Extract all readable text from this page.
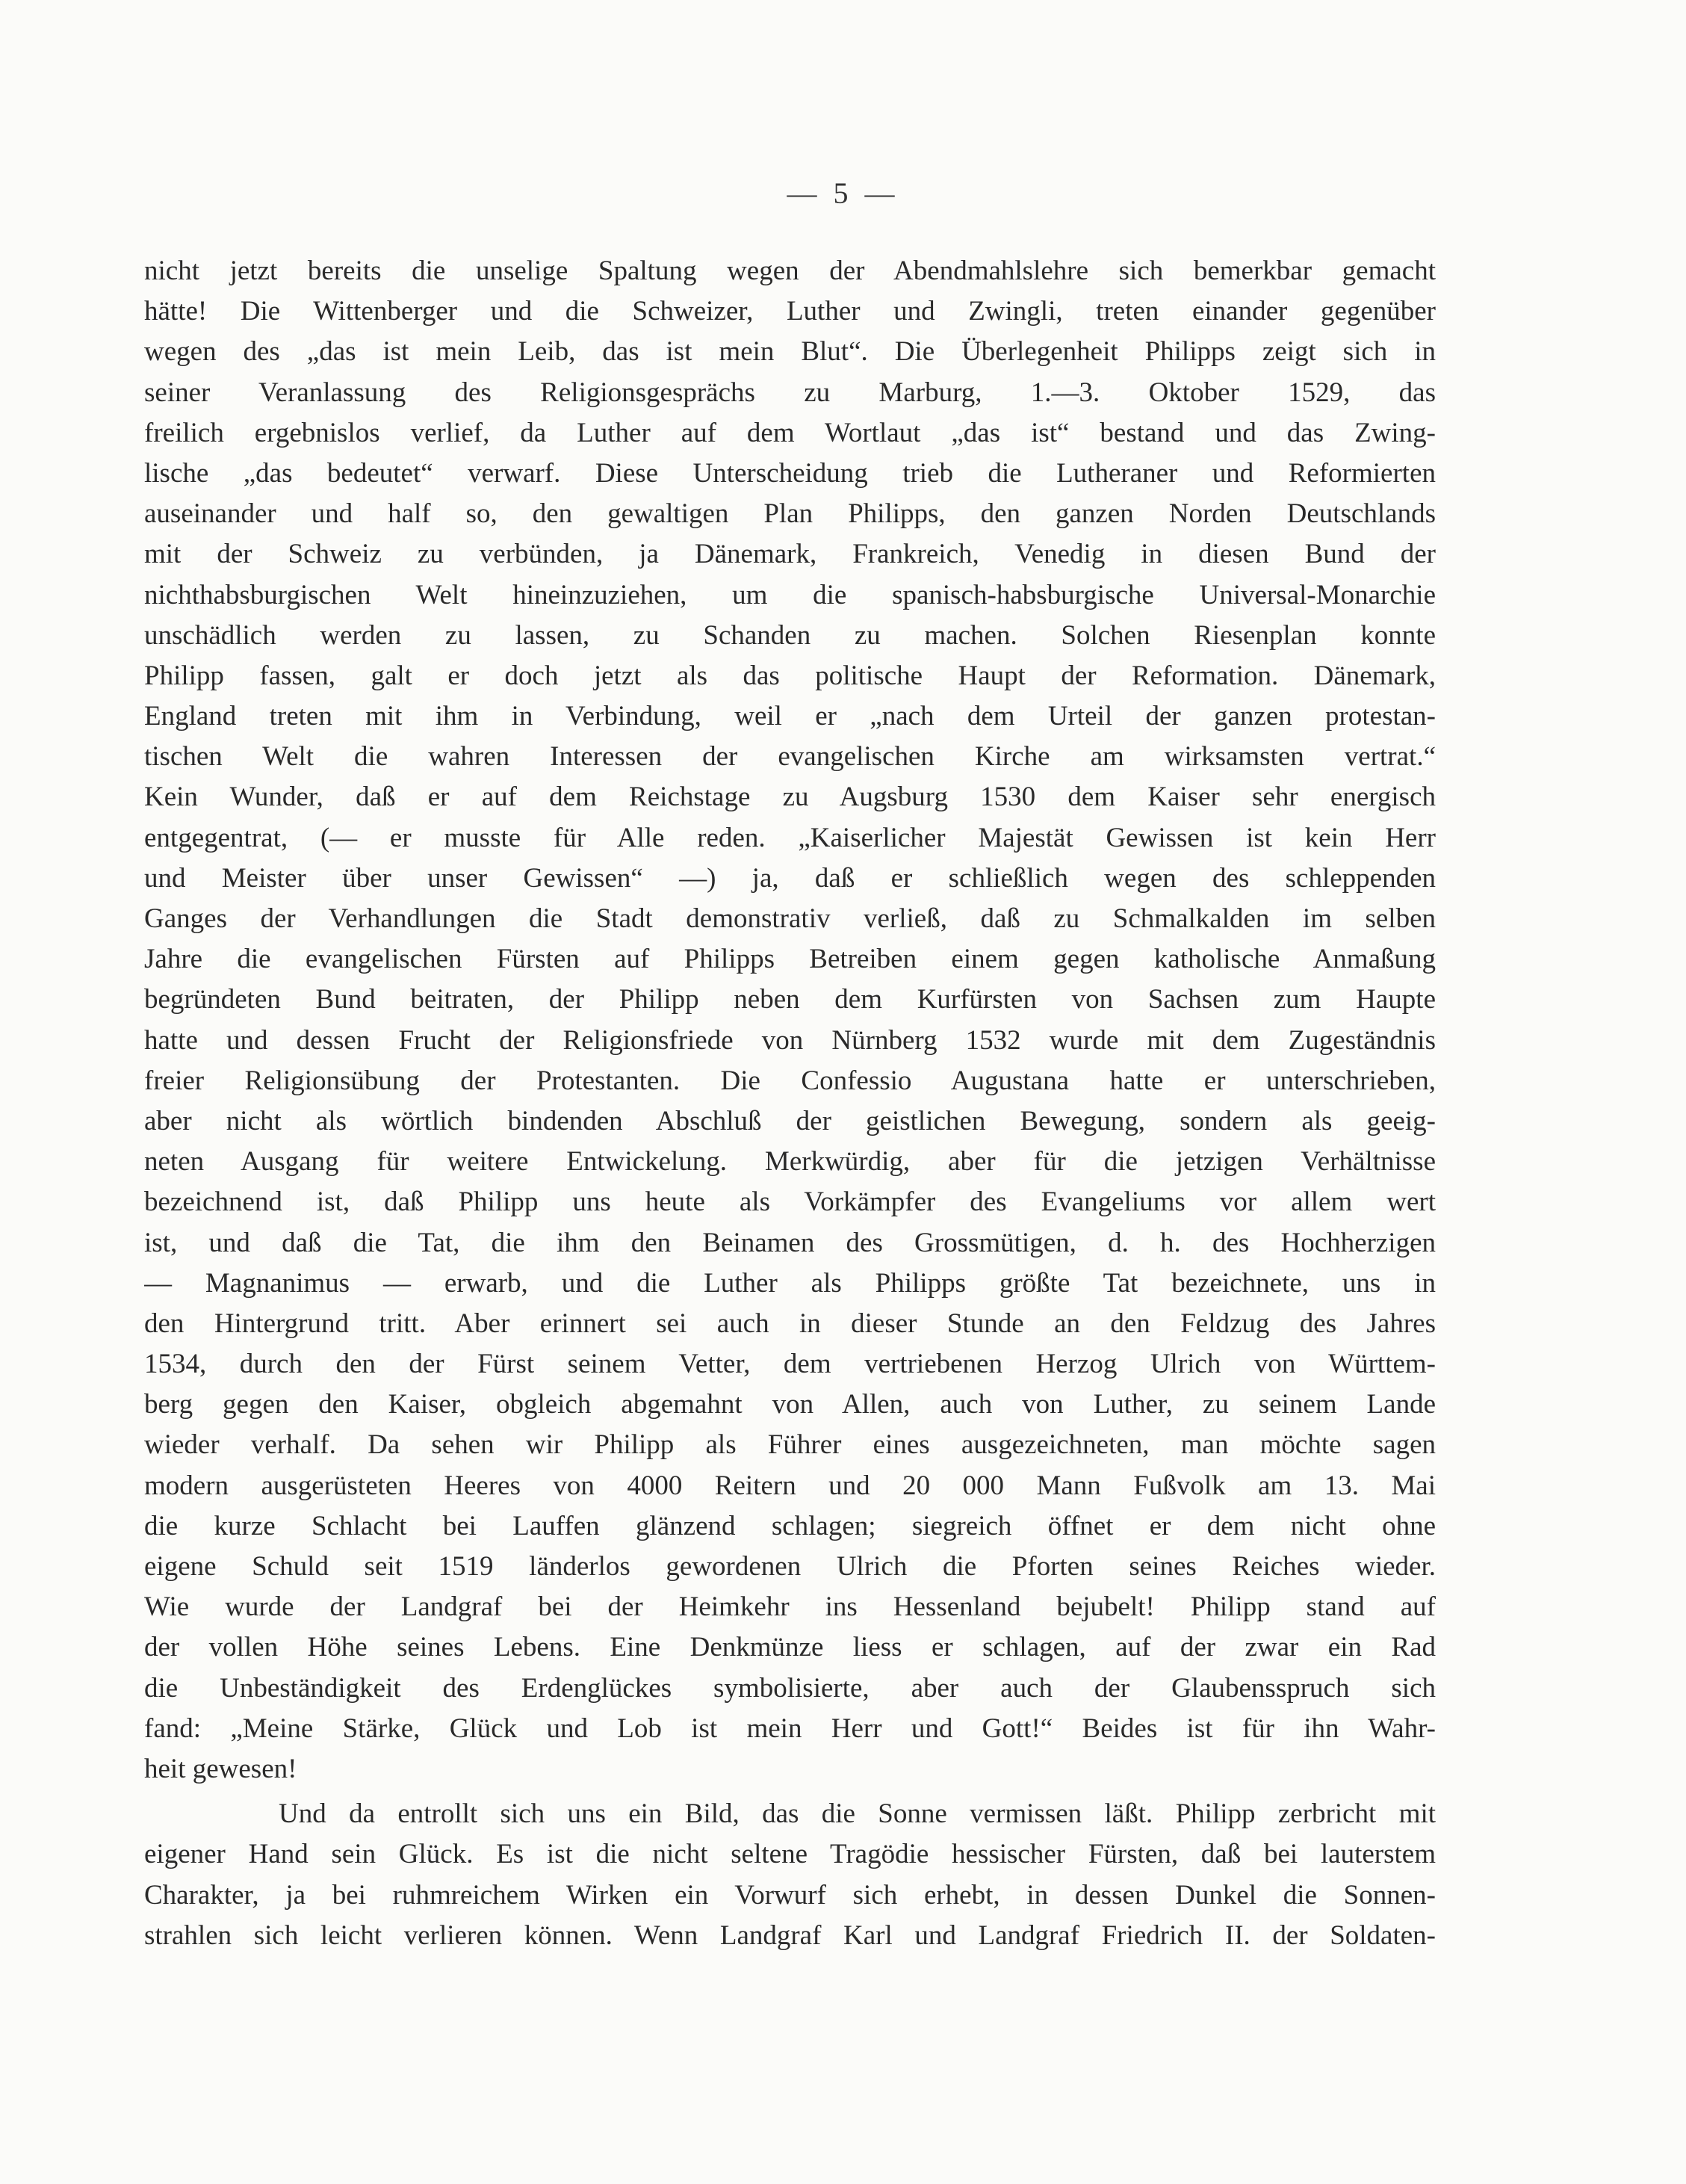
— 5 —
nicht jetzt bereits die unselige Spaltung wegen der Abendmahlslehre sich bemerkbar gemacht
hätte! Die Wittenberger und die Schweizer, Luther und Zwingli, treten einander gegenüber
wegen des „das ist mein Leib, das ist mein Blut“. Die Überlegenheit Philipps zeigt sich in
seiner Veranlassung des Religionsgesprächs zu Marburg, 1.—3. Oktober 1529, das
freilich ergebnislos verlief, da Luther auf dem Wortlaut „das ist“ bestand und das Zwing-
lische „das bedeutet“ verwarf. Diese Unterscheidung trieb die Lutheraner und Reformierten
auseinander und half so, den gewaltigen Plan Philipps, den ganzen Norden Deutschlands
mit der Schweiz zu verbünden, ja Dänemark, Frankreich, Venedig in diesen Bund der
nichthabsburgischen Welt hineinzuziehen, um die spanisch-habsburgische Universal-Monarchie
unschädlich werden zu lassen, zu Schanden zu machen. Solchen Riesenplan konnte
Philipp fassen, galt er doch jetzt als das politische Haupt der Reformation. Dänemark,
England treten mit ihm in Verbindung, weil er „nach dem Urteil der ganzen protestan-
tischen Welt die wahren Interessen der evangelischen Kirche am wirksamsten vertrat.“
Kein Wunder, daß er auf dem Reichstage zu Augsburg 1530 dem Kaiser sehr energisch
entgegentrat, (— er musste für Alle reden. „Kaiserlicher Majestät Gewissen ist kein Herr
und Meister über unser Gewissen“ —) ja, daß er schließlich wegen des schleppenden
Ganges der Verhandlungen die Stadt demonstrativ verließ, daß zu Schmalkalden im selben
Jahre die evangelischen Fürsten auf Philipps Betreiben einem gegen katholische Anmaßung
begründeten Bund beitraten, der Philipp neben dem Kurfürsten von Sachsen zum Haupte
hatte und dessen Frucht der Religionsfriede von Nürnberg 1532 wurde mit dem Zugeständnis
freier Religionsübung der Protestanten. Die Confessio Augustana hatte er unterschrieben,
aber nicht als wörtlich bindenden Abschluß der geistlichen Bewegung, sondern als geeig-
neten Ausgang für weitere Entwickelung. Merkwürdig, aber für die jetzigen Verhältnisse
bezeichnend ist, daß Philipp uns heute als Vorkämpfer des Evangeliums vor allem wert
ist, und daß die Tat, die ihm den Beinamen des Grossmütigen, d. h. des Hochherzigen
— Magnanimus — erwarb, und die Luther als Philipps größte Tat bezeichnete, uns in
den Hintergrund tritt. Aber erinnert sei auch in dieser Stunde an den Feldzug des Jahres
1534, durch den der Fürst seinem Vetter, dem vertriebenen Herzog Ulrich von Württem-
berg gegen den Kaiser, obgleich abgemahnt von Allen, auch von Luther, zu seinem Lande
wieder verhalf. Da sehen wir Philipp als Führer eines ausgezeichneten, man möchte sagen
modern ausgerüsteten Heeres von 4000 Reitern und 20 000 Mann Fußvolk am 13. Mai
die kurze Schlacht bei Lauffen glänzend schlagen; siegreich öffnet er dem nicht ohne
eigene Schuld seit 1519 länderlos gewordenen Ulrich die Pforten seines Reiches wieder.
Wie wurde der Landgraf bei der Heimkehr ins Hessenland bejubelt! Philipp stand auf
der vollen Höhe seines Lebens. Eine Denkmünze liess er schlagen, auf der zwar ein Rad
die Unbeständigkeit des Erdenglückes symbolisierte, aber auch der Glaubensspruch sich
fand: „Meine Stärke, Glück und Lob ist mein Herr und Gott!“ Beides ist für ihn Wahr-
heit gewesen!
Und da entrollt sich uns ein Bild, das die Sonne vermissen läßt. Philipp zerbricht mit
eigener Hand sein Glück. Es ist die nicht seltene Tragödie hessischer Fürsten, daß bei lauterstem
Charakter, ja bei ruhmreichem Wirken ein Vorwurf sich erhebt, in dessen Dunkel die Sonnen-
strahlen sich leicht verlieren können. Wenn Landgraf Karl und Landgraf Friedrich II. der Soldaten-
